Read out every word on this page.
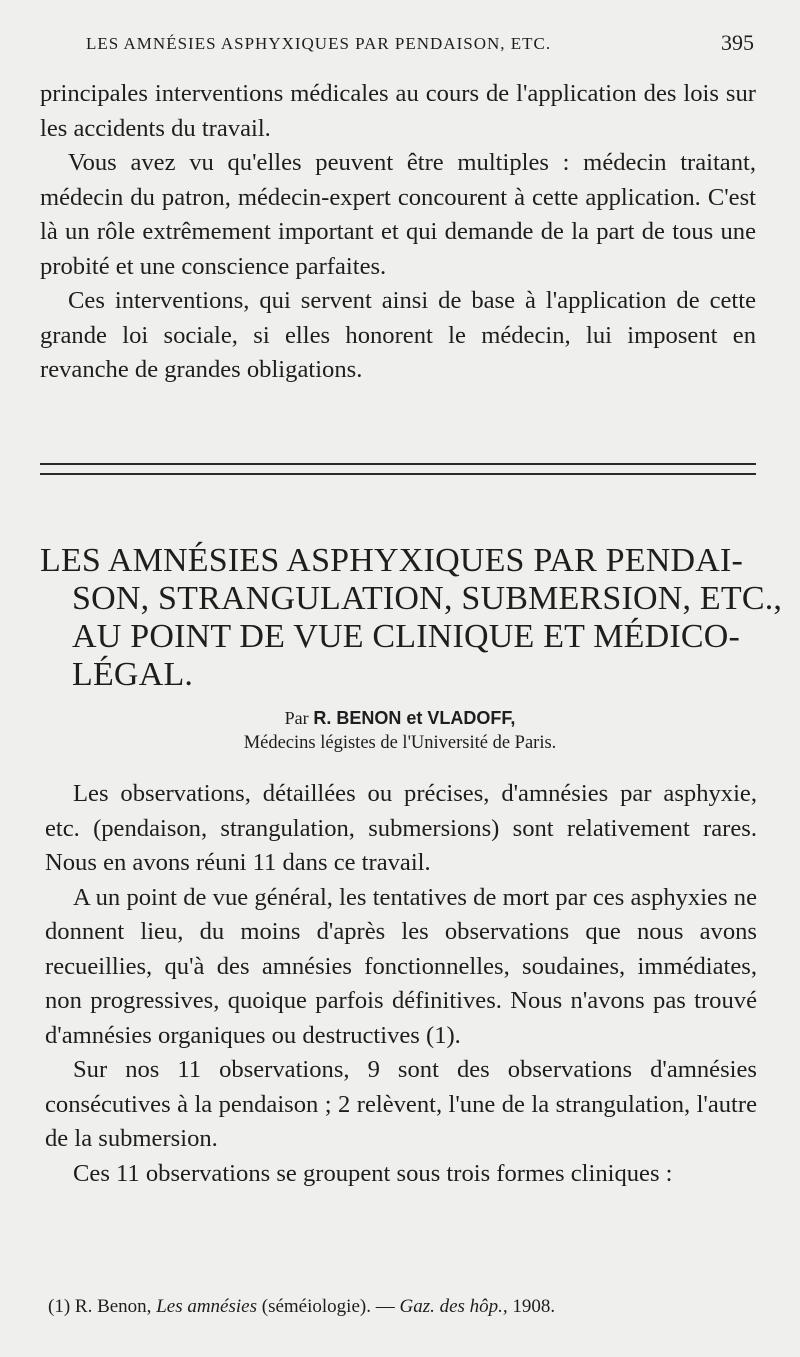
LES AMNÉSIES ASPHYXIQUES PAR PENDAISON, ETC.	395

principales interventions médicales au cours de l'application des lois sur les accidents du travail.

Vous avez vu qu'elles peuvent être multiples : médecin traitant, médecin du patron, médecin-expert concourent à cette application. C'est là un rôle extrêmement important et qui demande de la part de tous une probité et une conscience parfaites.

Ces interventions, qui servent ainsi de base à l'application de cette grande loi sociale, si elles honorent le médecin, lui imposent en revanche de grandes obligations.

LES AMNÉSIES ASPHYXIQUES PAR PENDAI-
SON, STRANGULATION, SUBMERSION, ETC.,
AU POINT DE VUE CLINIQUE ET MÉDICO-
LÉGAL.
Par R. BENON et VLADOFF,
Médecins légistes de l'Université de Paris.

Les observations, détaillées ou précises, d'amnésies par asphyxie, etc. (pendaison, strangulation, submersions) sont relativement rares. Nous en avons réuni 11 dans ce travail.

A un point de vue général, les tentatives de mort par ces asphyxies ne donnent lieu, du moins d'après les observations que nous avons recueillies, qu'à des amnésies fonctionnelles, soudaines, immédiates, non progressives, quoique parfois définitives. Nous n'avons pas trouvé d'amnésies organiques ou destructives (1).

Sur nos 11 observations, 9 sont des observations d'amnésies consécutives à la pendaison ; 2 relèvent, l'une de la strangulation, l'autre de la submersion.

Ces 11 observations se groupent sous trois formes cliniques :

(1) R. Benon, Les amnésies (séméiologie). — Gaz. des hôp., 1908.
